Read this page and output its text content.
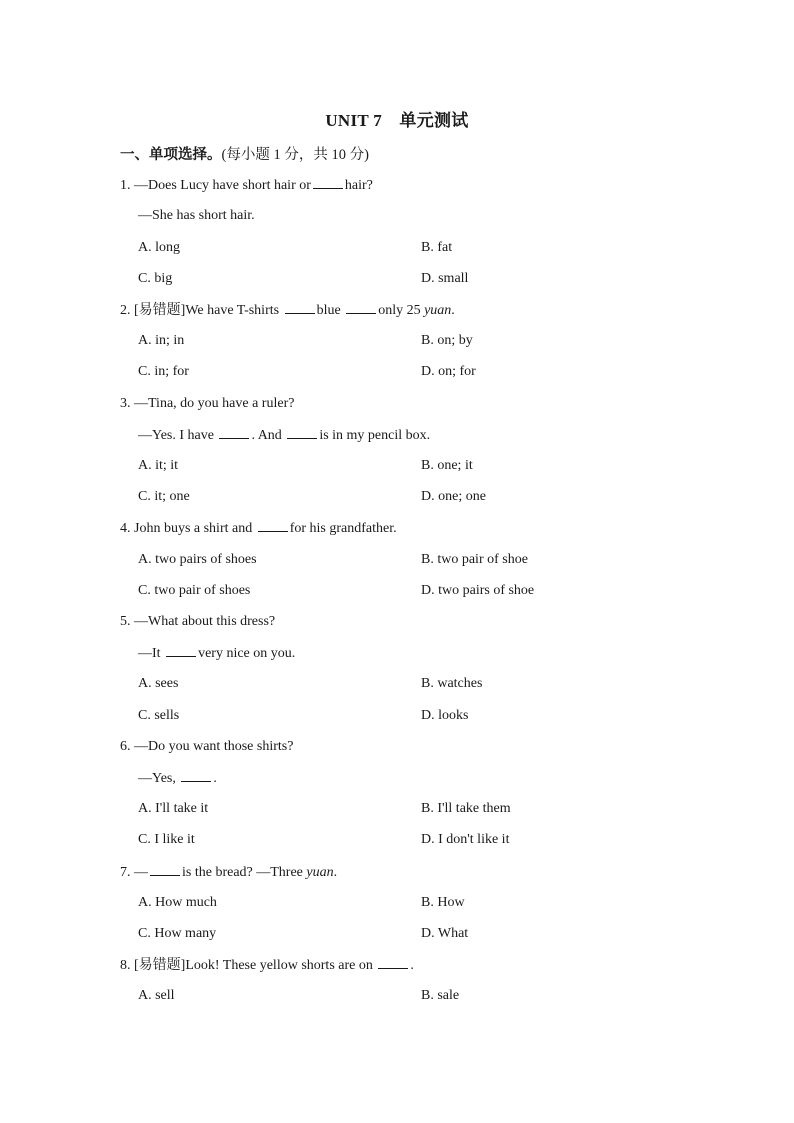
UNIT 7　单元测试
一、单项选择。(每小题 1 分，共 10 分)
1. —Does Lucy have short hair or hair?
—She has short hair.
A. long	B. fat
C. big	D. small
2. [易错题]We have T-shirts	blue	only 25 yuan.
A. in; in	B. on; by
C. in; for	D. on; for
3. —Tina, do you have a ruler?
—Yes. I have	. And	is in my pencil box.
A. it; it	B. one; it
C. it; one	D. one; one
4. John buys a shirt and	for his grandfather.
A. two pairs of shoes	B. two pair of shoe
C. two pair of shoes	D. two pairs of shoe
5. —What about this dress?
—It	very nice on you.
A. sees	B. watches
C. sells	D. looks
6. —Do you want those shirts?
—Yes,	.
A. I'll take it	B. I'll take them
C. I like it	D. I don't like it
7. — is the bread? —Three yuan.
A. How much	B. How
C. How many	D. What
8. [易错题]Look! These yellow shorts are on	.
A. sell	B. sale
